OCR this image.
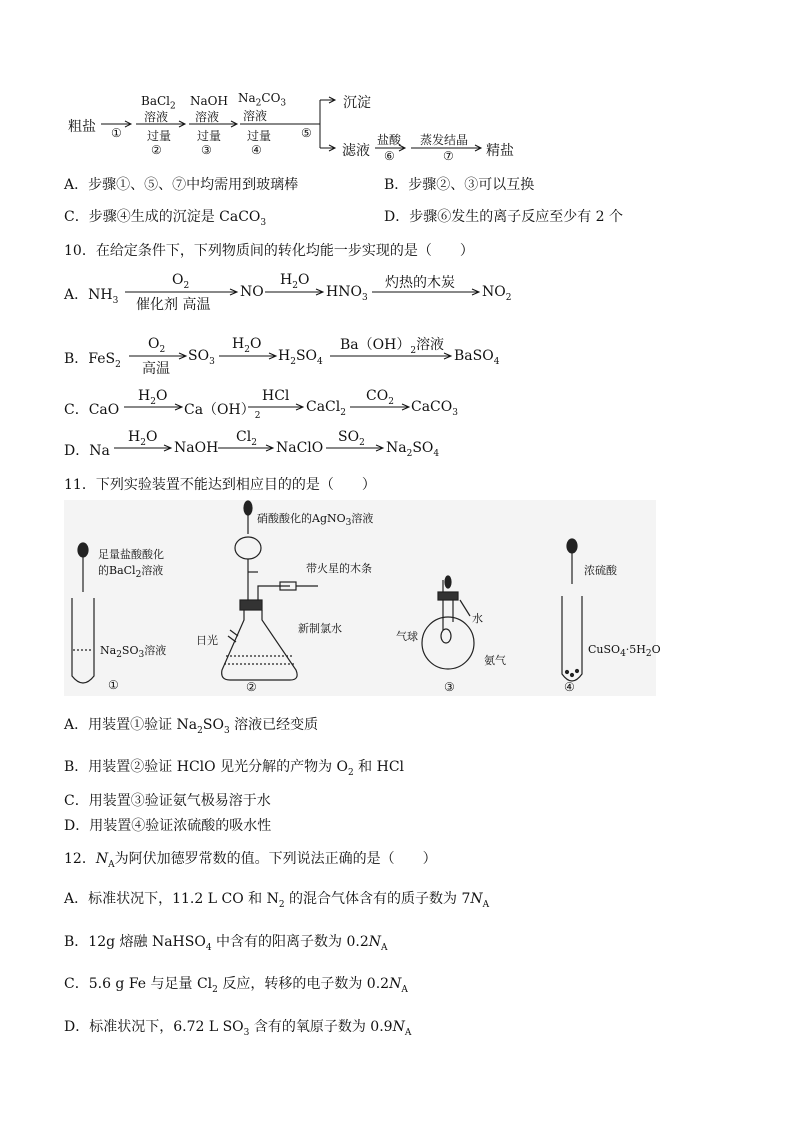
粗盐 ①
BaCl$_2$
溶液
过量
②
NaOH
溶液
过量
③
$Na_2CO_3$
溶液
过量
④
⑤
沉淀
滤液
盐酸
⑥
蒸发结晶
⑦ 精盐
A．步骤①、⑤、⑦中均需用到玻璃棒	B．步骤②、③可以互换
C．步骤④生成的沉淀是 CaCO$_3$	D．步骤⑥发生的离子反应至少有 2 个
10．在给定条件下，下列物质间的转化均能一步实现的是（　　）
A．$NH_3$
$O_2$
催化剂 高温
NO
$H_2O$
$HNO_3$
灼热的木炭
$NO_2$
B．FeS$_2$
$O_2$
高温
$SO_3$
$H_2O$
$H_2SO_4$
$Ba(OH)_2$溶液
BaSO$_4$
C．CaO
$H_2O$
$Ca(OH)_2$
HCl
CaCl$_2$
$CO_2$ CaCO$_3$
D．Na
$H_2O$
NaOH
$Cl_2$ NaClO
$SO_2$ $Na_2SO_4$
11．下列实验装置不能达到相应目的的是（　　）
足量盐酸酸化
的BaCl$_2$溶液
$Na_2SO_3$溶液
①
硝酸酸化的AgNO$_3$溶液
带火星的木条
日光
新制氯水
②
水
气球
氨气
③
浓硫酸
$CuSO_4\cdot 5H_2O$
④
A．用装置①验证 $Na_2SO_3$ 溶液已经变质
B．用装置②验证 HClO 见光分解的产物为 $O_2$ 和 HCl
C．用装置③验证氨气极易溶于水
D．用装置④验证浓硫酸的吸水性
12．$N_A$为阿伏加德罗常数的值。下列说法正确的是（　　）
A．标准状况下，11.2 L CO 和 $N_2$ 的混合气体含有的质子数为 $7N_A$
B．12g 熔融 NaHSO$_4$ 中含有的阳离子数为 $0.2N_A$
C．5.6 g Fe 与足量 $Cl_2$ 反应，转移的电子数为 $0.2N_A$
D．标准状况下，6.72 L $SO_3$ 含有的氧原子数为 $0.9N_A$
